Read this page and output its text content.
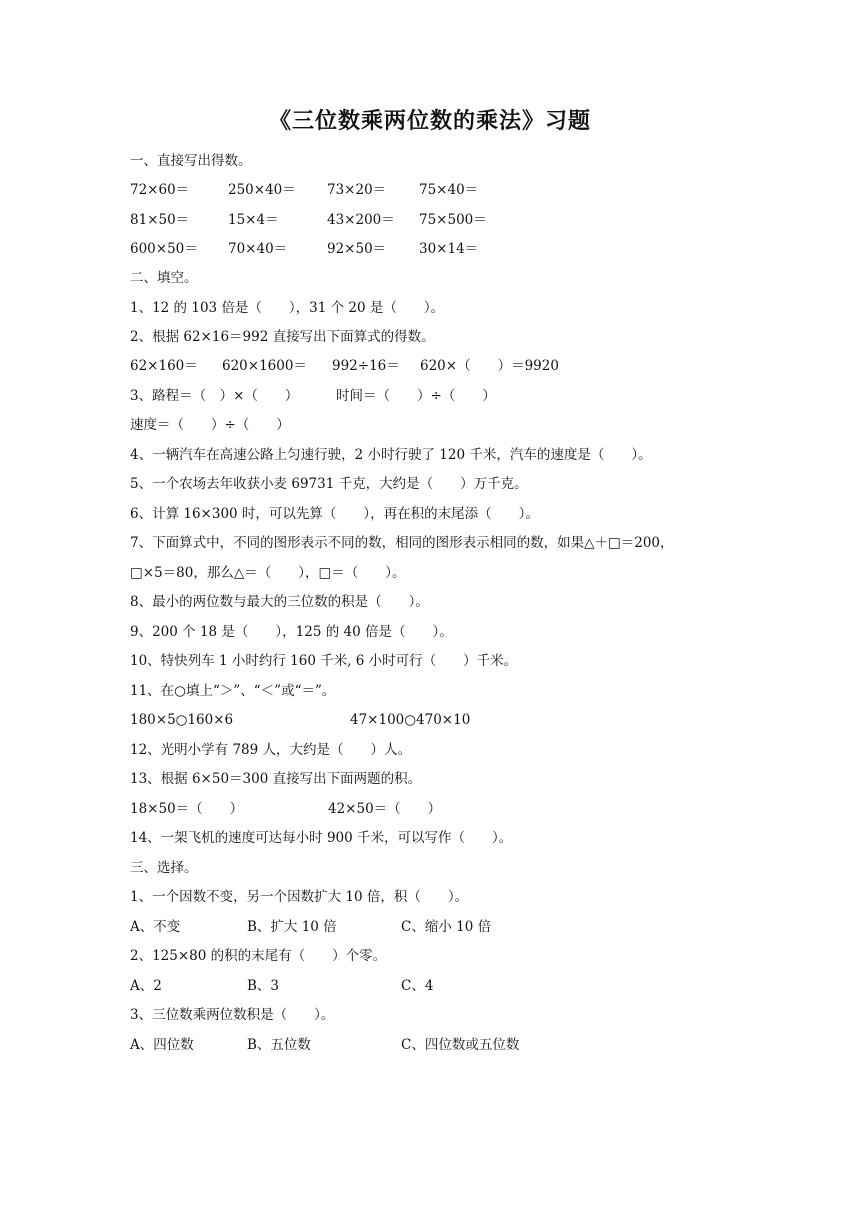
《三位数乘两位数的乘法》习题
一、直接写出得数。
72×60＝	250×40＝ 73×20＝ 75×40＝
81×50＝	15×4＝	43×200＝ 75×500＝
600×50＝ 70×40＝	92×50＝ 30×14＝
二、填空。
1、12 的 103 倍是（　　），31 个 20 是（　　）。
2、根据 62×16＝992 直接写出下面算式的得数。
62×160＝ 620×1600＝ 992÷16＝ 620×（　　）＝9920
3、路程＝（　）×（　　）	时间＝（　　）÷（　　）
速度＝（　　）÷（　　）
4、一辆汽车在高速公路上匀速行驶，2 小时行驶了 120 千米，汽车的速度是（　　）。
5、一个农场去年收获小麦 69731 千克，大约是（　　）万千克。
6、计算 16×300 时，可以先算（　　），再在积的末尾添（　　）。
7、下面算式中，不同的图形表示不同的数，相同的图形表示相同的数，如果△＋□＝200，
□×5＝80，那么△＝（　　），□＝（　　）。
8、最小的两位数与最大的三位数的积是（　　）。
9、200 个 18 是（　　），125 的 40 倍是（　　）。
10、特快列车 1 小时约行 160 千米, 6 小时可行（　　）千米。
11、在○填上“＞”、“＜”或“＝”。
180×5○160×6	47×100○470×10
12、光明小学有 789 人，大约是（　　）人。
13、根据 6×50＝300 直接写出下面两题的积。
18×50＝（　　）	42×50＝（　　）
14、一架飞机的速度可达每小时 900 千米，可以写作（　　）。
三、选择。
1、一个因数不变，另一个因数扩大 10 倍，积（　　）。
A、不变	B、扩大 10 倍	C、缩小 10 倍
2、125×80 的积的末尾有（　　）个零。
A、2	B、3	C、4
3、三位数乘两位数积是（　　）。
A、四位数	B、五位数	C、四位数或五位数
